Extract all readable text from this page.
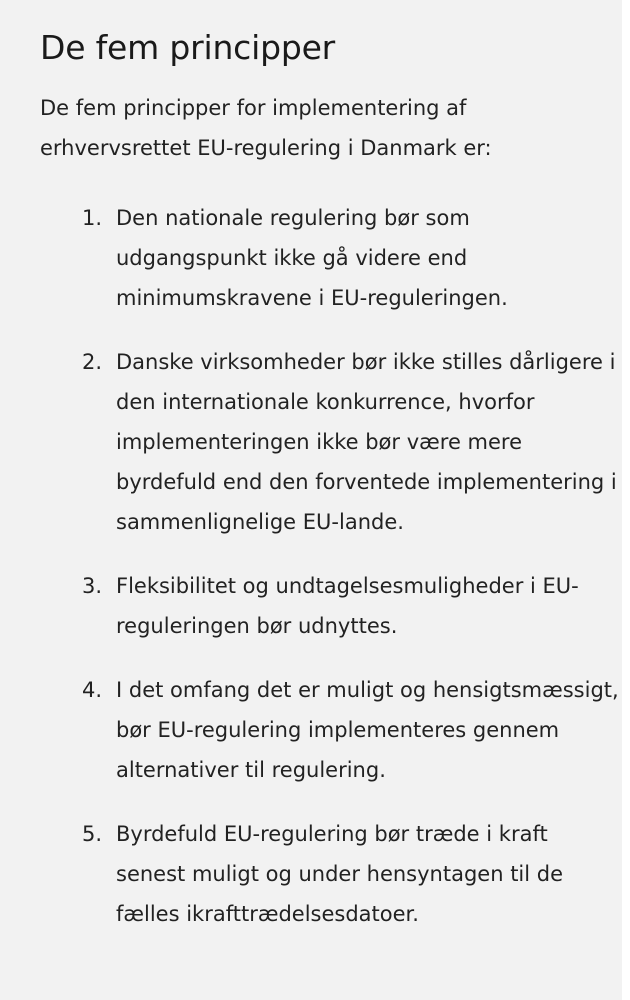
De fem principper

De fem principper for implementering af erhvervsrettet EU-regulering i Danmark er:

1. Den nationale regulering bør som udgangspunkt ikke gå videre end minimumskravene i EU-reguleringen.
2. Danske virksomheder bør ikke stilles dårligere i den internationale konkurrence, hvorfor implementeringen ikke bør være mere byrdefuld end den forventede implementering i sammenlignelige EU-lande.
3. Fleksibilitet og undtagelsesmuligheder i EU-reguleringen bør udnyttes.
4. I det omfang det er muligt og hensigtsmæssigt, bør EU-regulering implementeres gennem alternativer til regulering.
5. Byrdefuld EU-regulering bør træde i kraft senest muligt og under hensyntagen til de fælles ikrafttrædelsesdatoer.
